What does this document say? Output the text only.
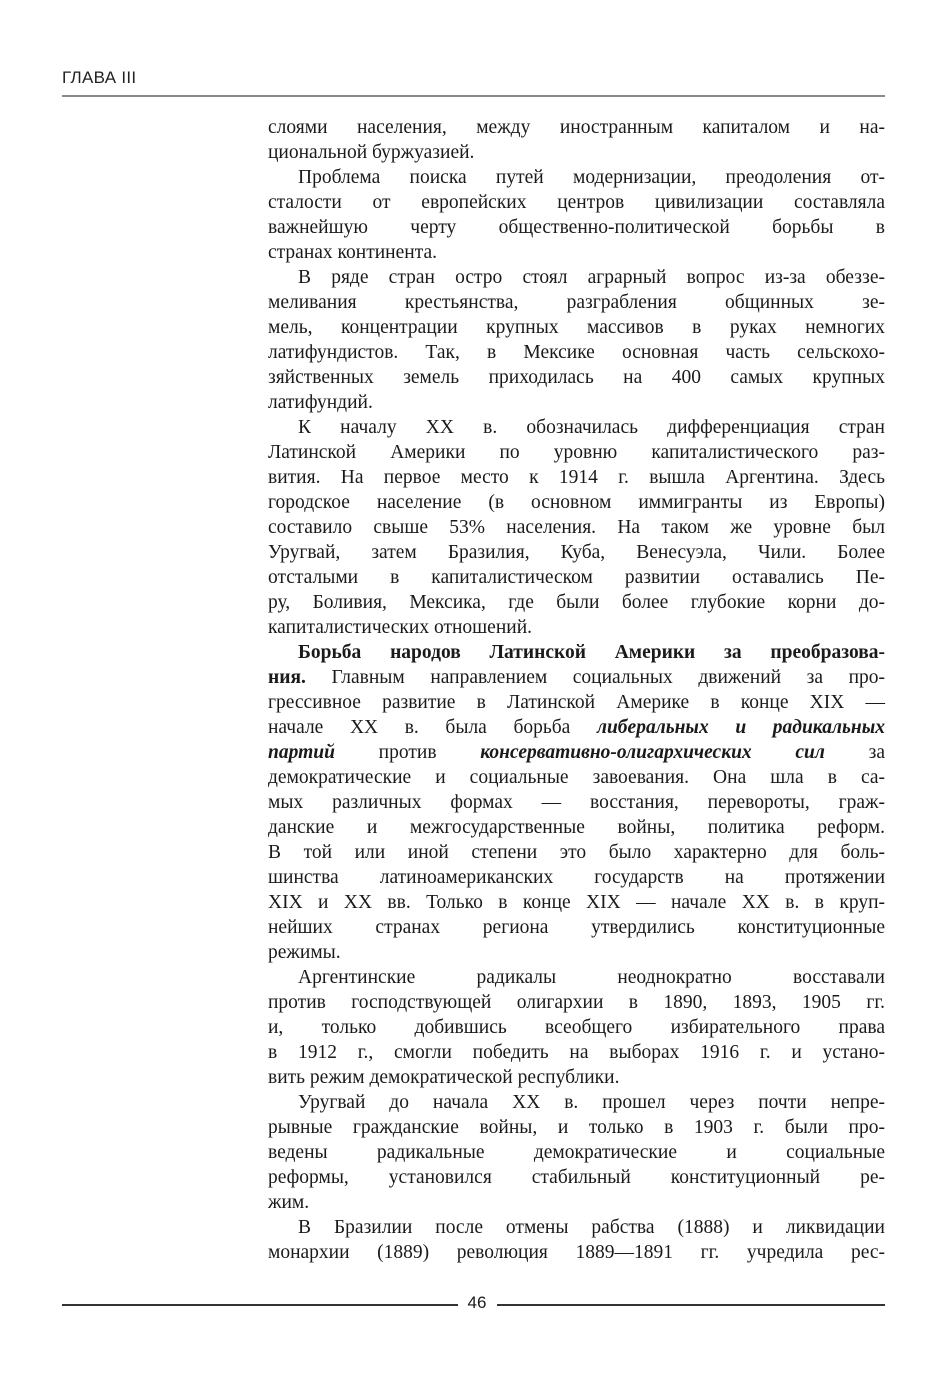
ГЛАВА III
слоями населения, между иностранным капиталом и на-
циональной буржуазией.
Проблема поиска путей модернизации, преодоления от-
сталости от европейских центров цивилизации составляла
важнейшую черту общественно-политической борьбы в
странах континента.
В ряде стран остро стоял аграрный вопрос из-за обеззе-
меливания крестьянства, разграбления общинных зе-
мель, концентрации крупных массивов в руках немногих
латифундистов. Так, в Мексике основная часть сельскохо-
зяйственных земель приходилась на 400 самых крупных
латифундий.
К началу XX в. обозначилась дифференциация стран
Латинской Америки по уровню капиталистического раз-
вития. На первое место к 1914 г. вышла Аргентина. Здесь
городское население (в основном иммигранты из Европы)
составило свыше 53% населения. На таком же уровне был
Уругвай, затем Бразилия, Куба, Венесуэла, Чили. Более
отсталыми в капиталистическом развитии оставались Пе-
ру, Боливия, Мексика, где были более глубокие корни до-
капиталистических отношений.
Борьба народов Латинской Америки за преобразова-
ния. Главным направлением социальных движений за про-
грессивное развитие в Латинской Америке в конце XIX —
начале XX в. была борьба либеральных и радикальных
партий против консервативно-олигархических сил за
демократические и социальные завоевания. Она шла в са-
мых различных формах — восстания, перевороты, граж-
данские и межгосударственные войны, политика реформ.
В той или иной степени это было характерно для боль-
шинства латиноамериканских государств на протяжении
XIX и XX вв. Только в конце XIX — начале XX в. в круп-
нейших странах региона утвердились конституционные
режимы.
Аргентинские радикалы неоднократно восставали
против господствующей олигархии в 1890, 1893, 1905 гг.
и, только добившись всеобщего избирательного права
в 1912 г., смогли победить на выборах 1916 г. и устано-
вить режим демократической республики.
Уругвай до начала XX в. прошел через почти непре-
рывные гражданские войны, и только в 1903 г. были про-
ведены радикальные демократические и социальные
реформы, установился стабильный конституционный ре-
жим.
В Бразилии после отмены рабства (1888) и ликвидации
монархии (1889) революция 1889—1891 гг. учредила рес-
46
